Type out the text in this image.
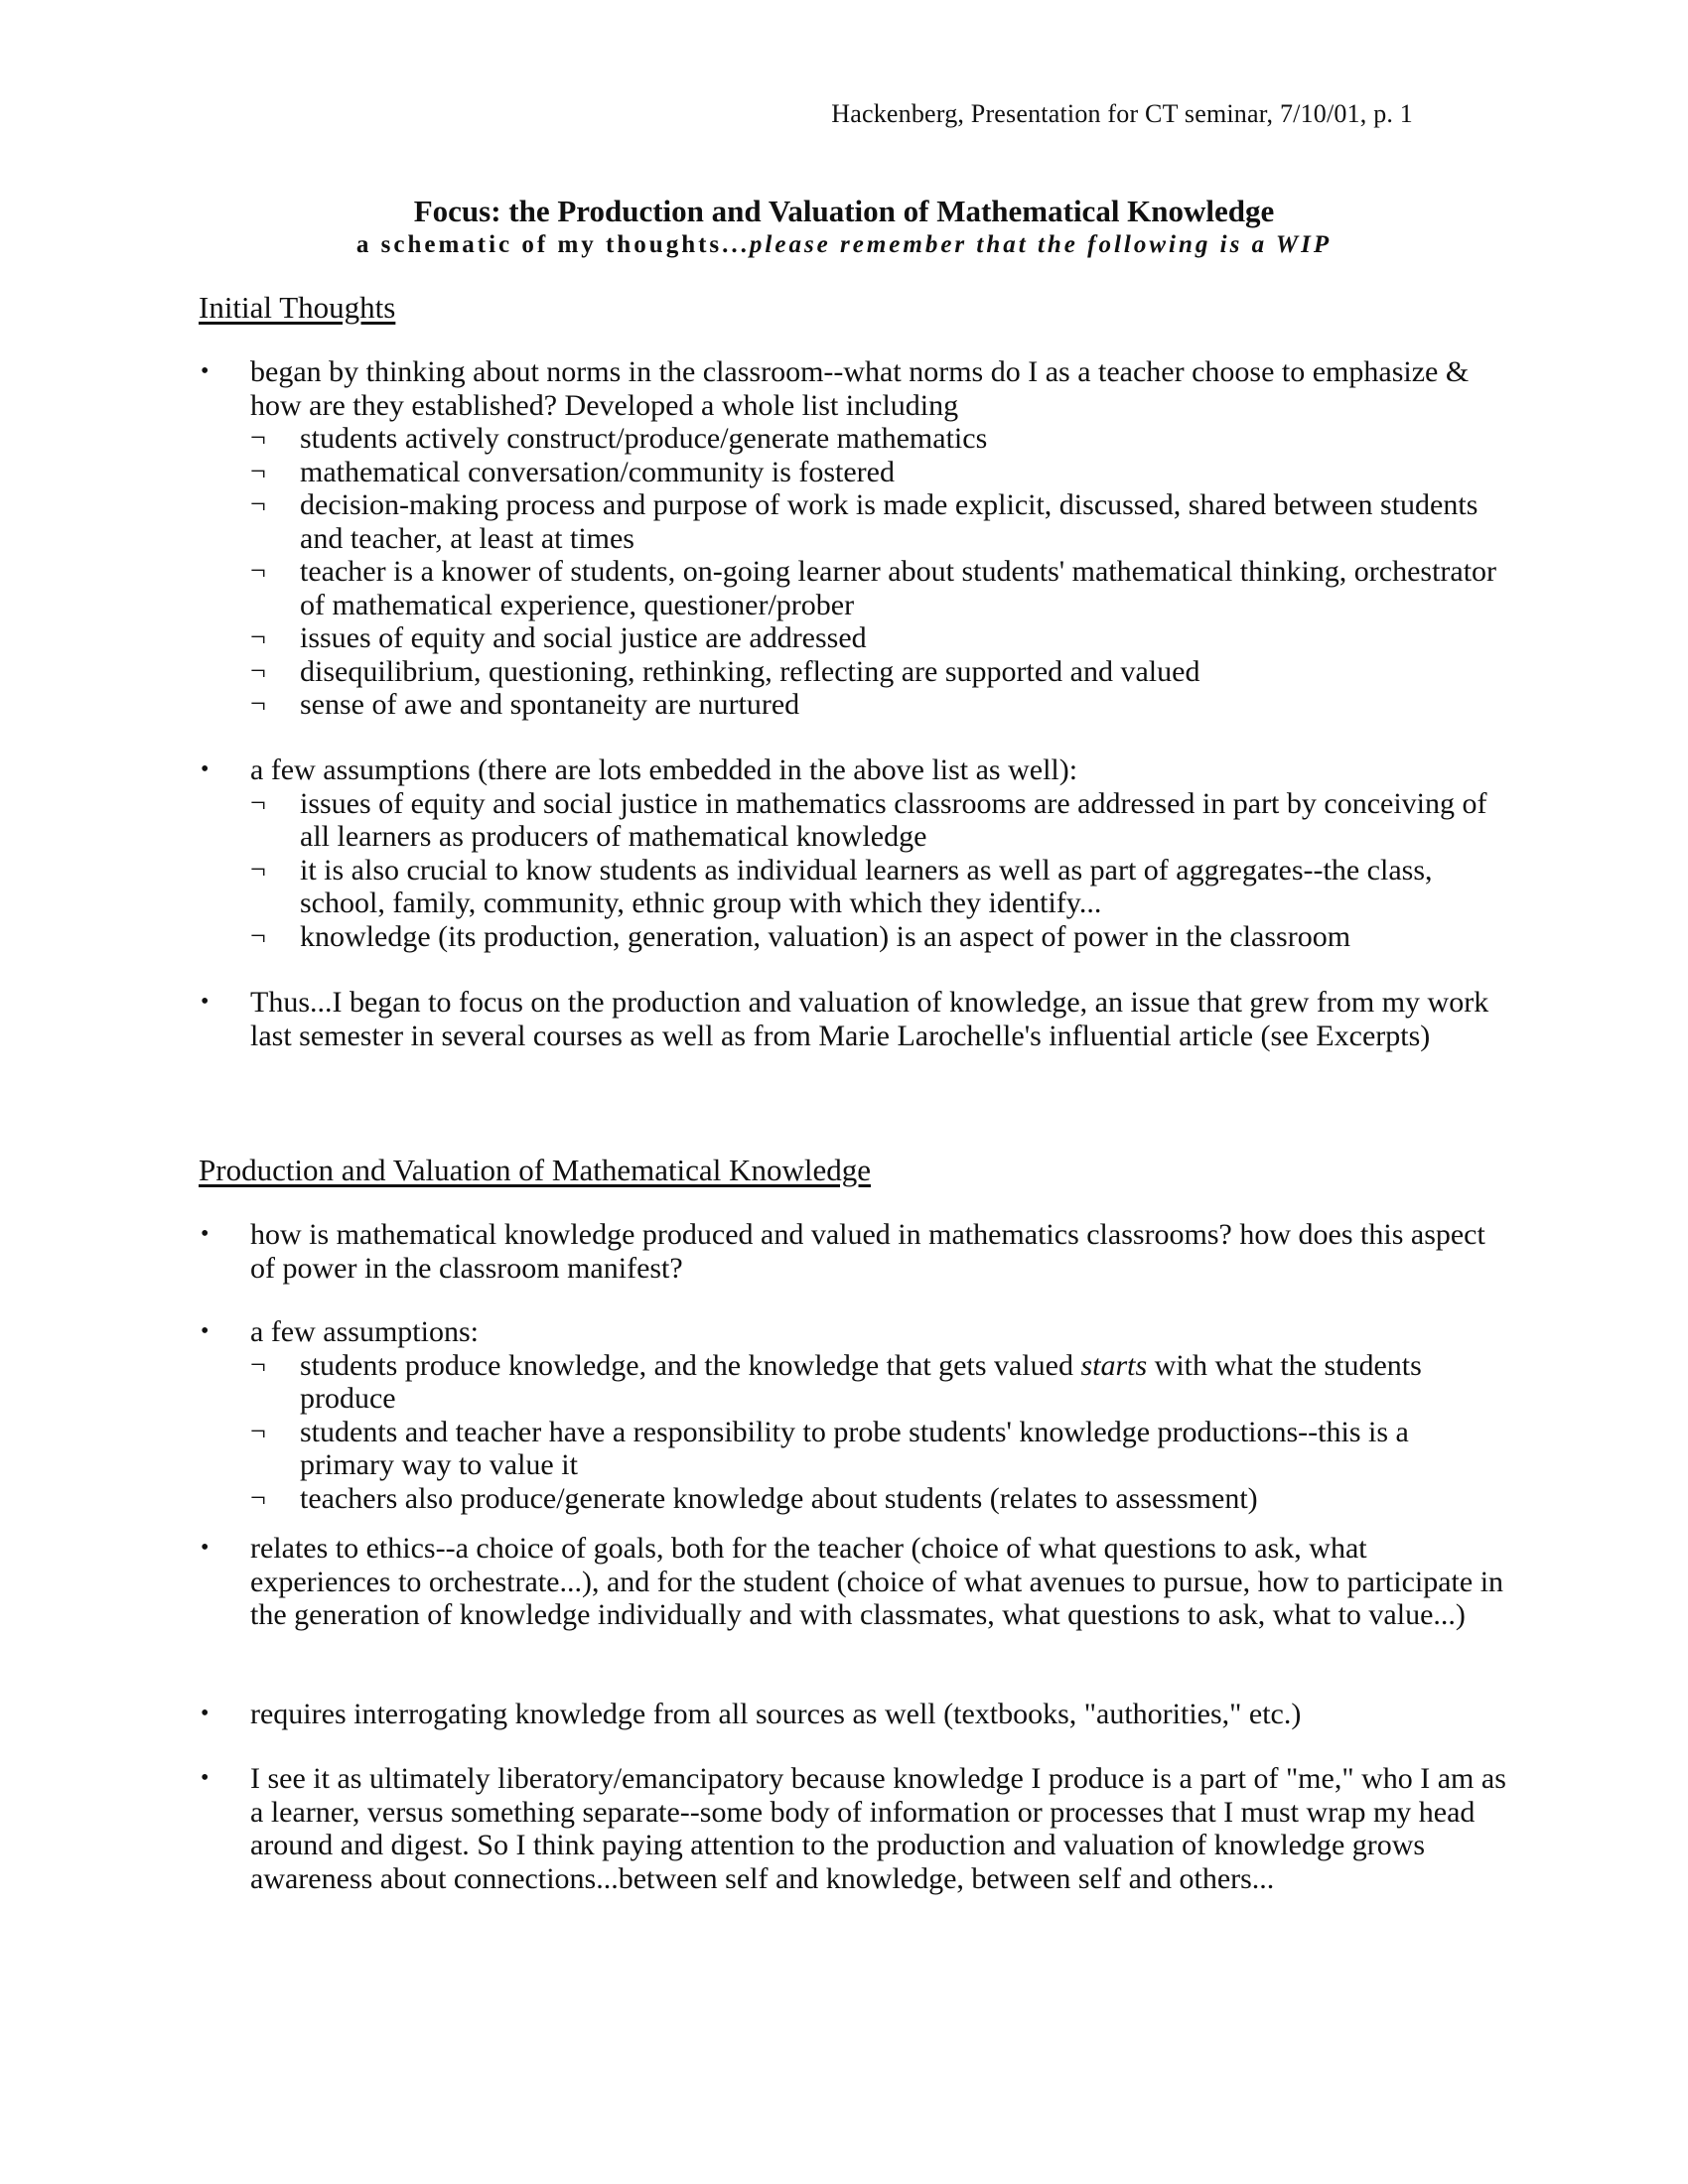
Hackenberg, Presentation for CT seminar, 7/10/01, p. 1
Focus: the Production and Valuation of Mathematical Knowledge
a schematic of my thoughts...please remember that the following is a WIP
Initial Thoughts
•	began by thinking about norms in the classroom--what norms do I as a teacher choose to emphasize & how are they established? Developed a whole list including
¬	students actively construct/produce/generate mathematics
¬	mathematical conversation/community is fostered
¬	decision-making process and purpose of work is made explicit, discussed, shared between students and teacher, at least at times
¬	teacher is a knower of students, on-going learner about students' mathematical thinking, orchestrator of mathematical experience, questioner/prober
¬	issues of equity and social justice are addressed
¬	disequilibrium, questioning, rethinking, reflecting are supported and valued
¬	sense of awe and spontaneity are nurtured
•	a few assumptions (there are lots embedded in the above list as well):
¬	issues of equity and social justice in mathematics classrooms are addressed in part by conceiving of all learners as producers of mathematical knowledge
¬	it is also crucial to know students as individual learners as well as part of aggregates--the class, school, family, community, ethnic group with which they identify...
¬	knowledge (its production, generation, valuation) is an aspect of power in the classroom
•	Thus...I began to focus on the production and valuation of knowledge, an issue that grew from my work last semester in several courses as well as from Marie Larochelle's influential article (see Excerpts)
Production and Valuation of Mathematical Knowledge
•	how is mathematical knowledge produced and valued in mathematics classrooms? how does this aspect of power in the classroom manifest?
•	a few assumptions:
¬	students produce knowledge, and the knowledge that gets valued starts with what the students produce
¬	students and teacher have a responsibility to probe students' knowledge productions--this is a primary way to value it
¬	teachers also produce/generate knowledge about students (relates to assessment)
•	relates to ethics--a choice of goals, both for the teacher (choice of what questions to ask, what experiences to orchestrate...), and for the student (choice of what avenues to pursue, how to participate in the generation of knowledge individually and with classmates, what questions to ask, what to value...)
•	requires interrogating knowledge from all sources as well (textbooks, "authorities," etc.)
•	I see it as ultimately liberatory/emancipatory because knowledge I produce is a part of "me," who I am as a learner, versus something separate--some body of information or processes that I must wrap my head around and digest. So I think paying attention to the production and valuation of knowledge grows awareness about connections...between self and knowledge, between self and others...
